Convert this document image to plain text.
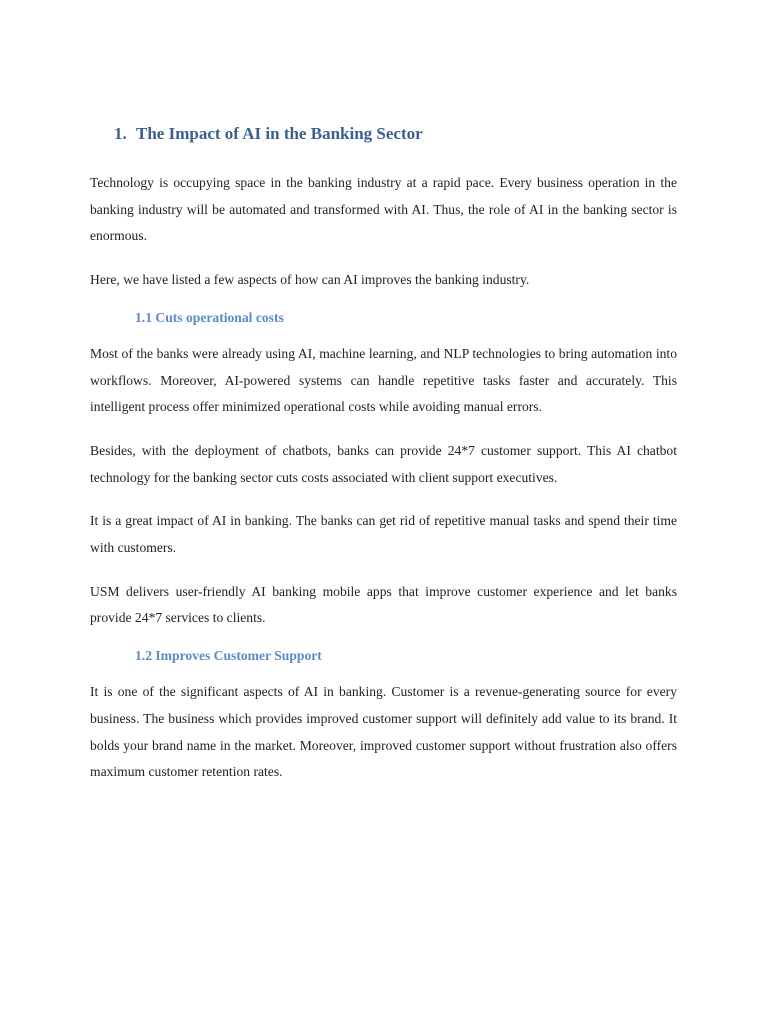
1. The Impact of AI in the Banking Sector

Technology is occupying space in the banking industry at a rapid pace. Every business operation in the banking industry will be automated and transformed with AI. Thus, the role of AI in the banking sector is enormous.

Here, we have listed a few aspects of how can AI improves the banking industry.

1.1 Cuts operational costs

Most of the banks were already using AI, machine learning, and NLP technologies to bring automation into workflows. Moreover, AI-powered systems can handle repetitive tasks faster and accurately. This intelligent process offer minimized operational costs while avoiding manual errors.

Besides, with the deployment of chatbots, banks can provide 24*7 customer support. This AI chatbot technology for the banking sector cuts costs associated with client support executives.

It is a great impact of AI in banking. The banks can get rid of repetitive manual tasks and spend their time with customers.

USM delivers user-friendly AI banking mobile apps that improve customer experience and let banks provide 24*7 services to clients.

1.2 Improves Customer Support

It is one of the significant aspects of AI in banking. Customer is a revenue-generating source for every business. The business which provides improved customer support will definitely add value to its brand. It bolds your brand name in the market. Moreover, improved customer support without frustration also offers maximum customer retention rates.
